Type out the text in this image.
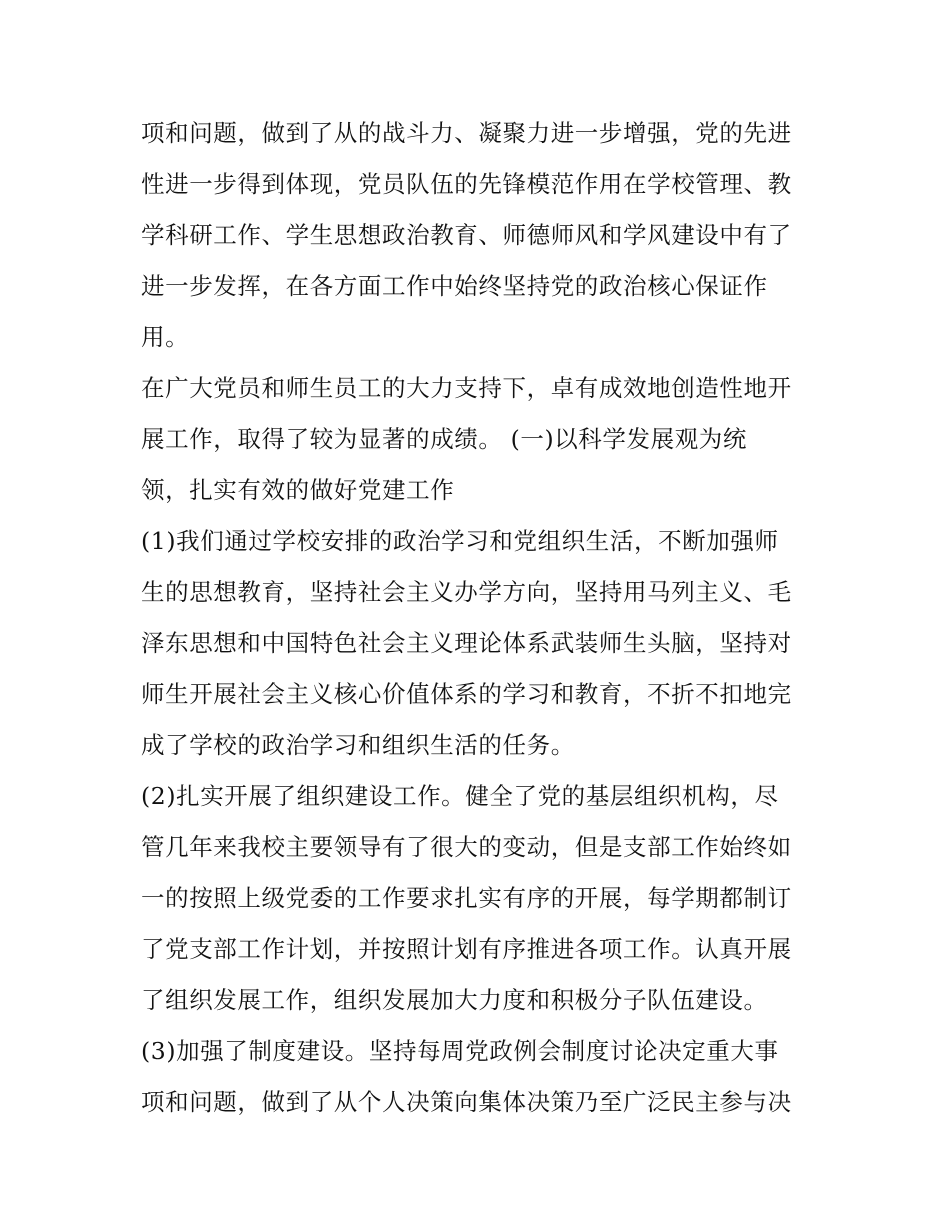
项和问题，做到了从的战斗力、凝聚力进一步增强，党的先进
性进一步得到体现，党员队伍的先锋模范作用在学校管理、教
学科研工作、学生思想政治教育、师德师风和学风建设中有了
进一步发挥，在各方面工作中始终坚持党的政治核心保证作
用。
在广大党员和师生员工的大力支持下，卓有成效地创造性地开
展工作，取得了较为显著的成绩。 (一)以科学发展观为统
领，扎实有效的做好党建工作
(1)我们通过学校安排的政治学习和党组织生活，不断加强师
生的思想教育，坚持社会主义办学方向，坚持用马列主义、毛
泽东思想和中国特色社会主义理论体系武装师生头脑，坚持对
师生开展社会主义核心价值体系的学习和教育，不折不扣地完
成了学校的政治学习和组织生活的任务。
(2)扎实开展了组织建设工作。健全了党的基层组织机构，尽
管几年来我校主要领导有了很大的变动，但是支部工作始终如
一的按照上级党委的工作要求扎实有序的开展，每学期都制订
了党支部工作计划，并按照计划有序推进各项工作。认真开展
了组织发展工作，组织发展加大力度和积极分子队伍建设。
(3)加强了制度建设。坚持每周党政例会制度讨论决定重大事
项和问题，做到了从个人决策向集体决策乃至广泛民主参与决
